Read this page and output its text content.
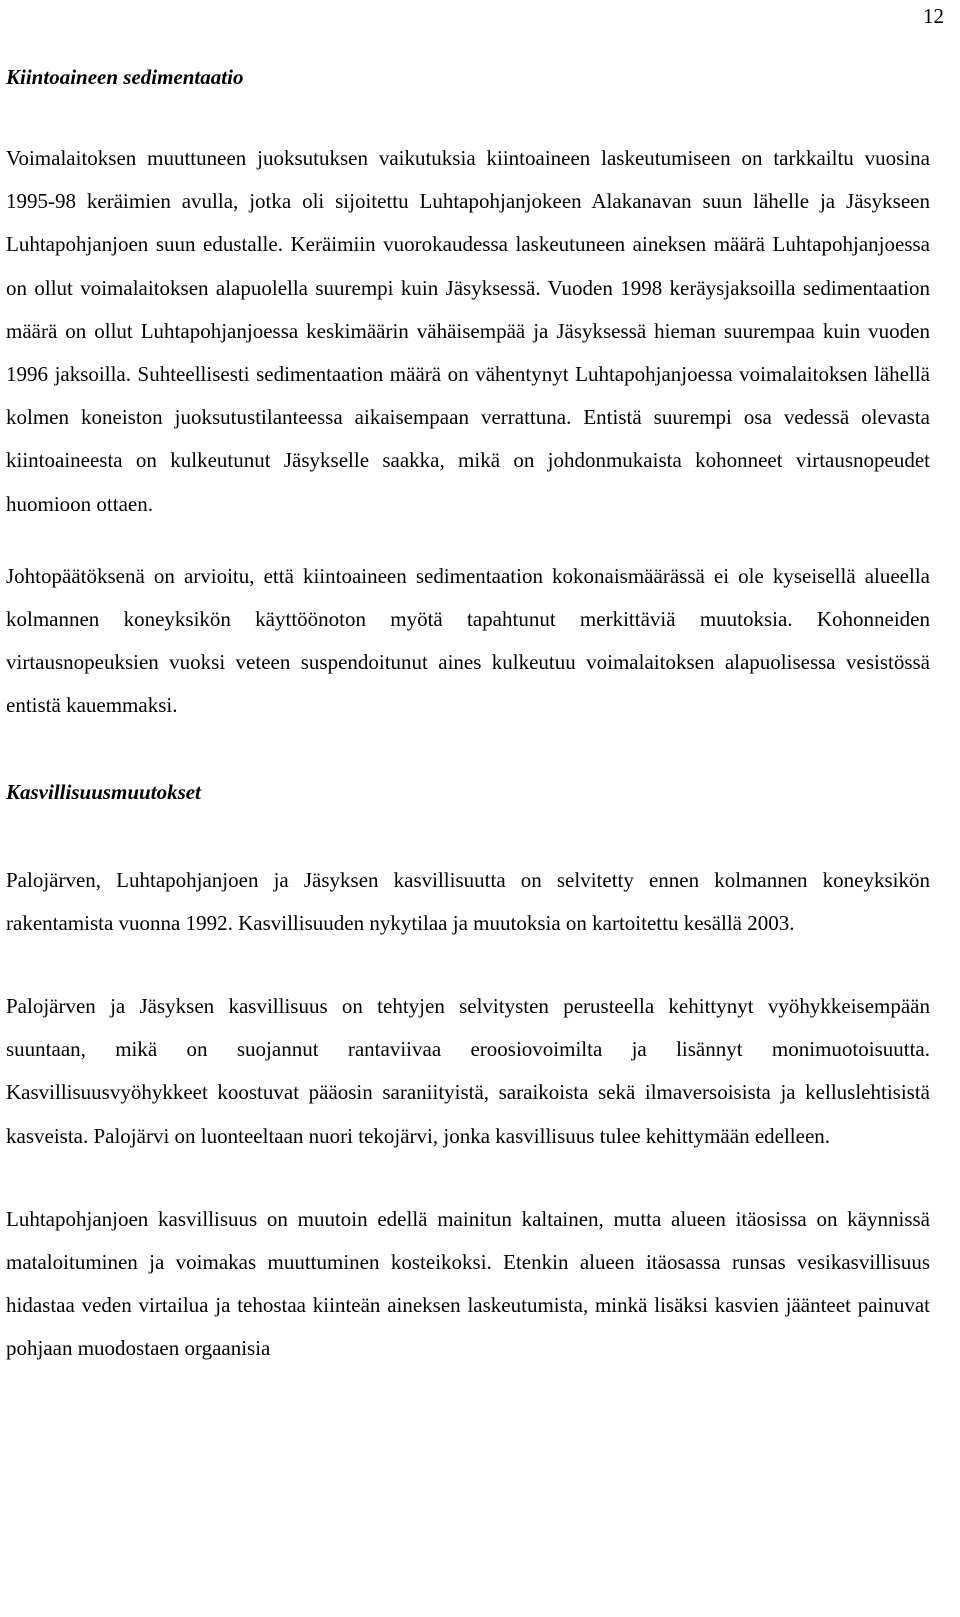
12
Kiintoaineen sedimentaatio

Voimalaitoksen muuttuneen juoksutuksen vaikutuksia kiintoaineen laskeutumiseen on tarkkailtu vuosina 1995-98 keräimien avulla, jotka oli sijoitettu Luhtapohjanjokeen Alakanavan suun lähelle ja Jäsykseen Luhtapohjanjoen suun edustalle. Keräimiin vuorokaudessa laskeutuneen aineksen määrä Luhtapohjanjoessa on ollut voimalaitoksen alapuolella suurempi kuin Jäsyksessä. Vuoden 1998 keräysjaksoilla sedimentaation määrä on ollut Luhtapohjanjoessa keskimäärin vähäisempää ja Jäsyksessä hieman suurempaa kuin vuoden 1996 jaksoilla. Suhteellisesti sedimentaation määrä on vähentynyt Luhtapohjanjoessa voimalaitoksen lähellä kolmen koneiston juoksutustilanteessa aikaisempaan verrattuna. Entistä suurempi osa vedessä olevasta kiintoaineesta on kulkeutunut Jäsykselle saakka, mikä on johdonmukaista kohonneet virtausnopeudet huomioon ottaen.

Johtopäätöksenä on arvioitu, että kiintoaineen sedimentaation kokonaismäärässä ei ole kyseisellä alueella kolmannen koneyksikön käyttöönoton myötä tapahtunut merkittäviä muutoksia. Kohonneiden virtausnopeuksien vuoksi veteen suspendoitunut aines kulkeutuu voimalaitoksen alapuolisessa vesistössä entistä kauemmaksi.

Kasvillisuusmuutokset

Palojärven, Luhtapohjanjoen ja Jäsyksen kasvillisuutta on selvitetty ennen kolmannen koneyksikön rakentamista vuonna 1992. Kasvillisuuden nykytilaa ja muutoksia on kartoitettu kesällä 2003.

Palojärven ja Jäsyksen kasvillisuus on tehtyjen selvitysten perusteella kehittynyt vyöhykkeisempään suuntaan, mikä on suojannut rantaviivaa eroosiovoimilta ja lisännyt monimuotoisuutta. Kasvillisuusvyöhykkeet koostuvat pääosin saraniityistä, saraikoista sekä ilmaversoisista ja kelluslehtisistä kasveista. Palojärvi on luonteeltaan nuori tekojärvi, jonka kasvillisuus tulee kehittymään edelleen.

Luhtapohjanjoen kasvillisuus on muutoin edellä mainitun kaltainen, mutta alueen itäosissa on käynnissä mataloituminen ja voimakas muuttuminen kosteikoksi. Etenkin alueen itäosassa runsas vesikasvillisuus hidastaa veden virtailua ja tehostaa kiinteän aineksen laskeutumista, minkä lisäksi kasvien jäänteet painuvat pohjaan muodostaen orgaanisia
